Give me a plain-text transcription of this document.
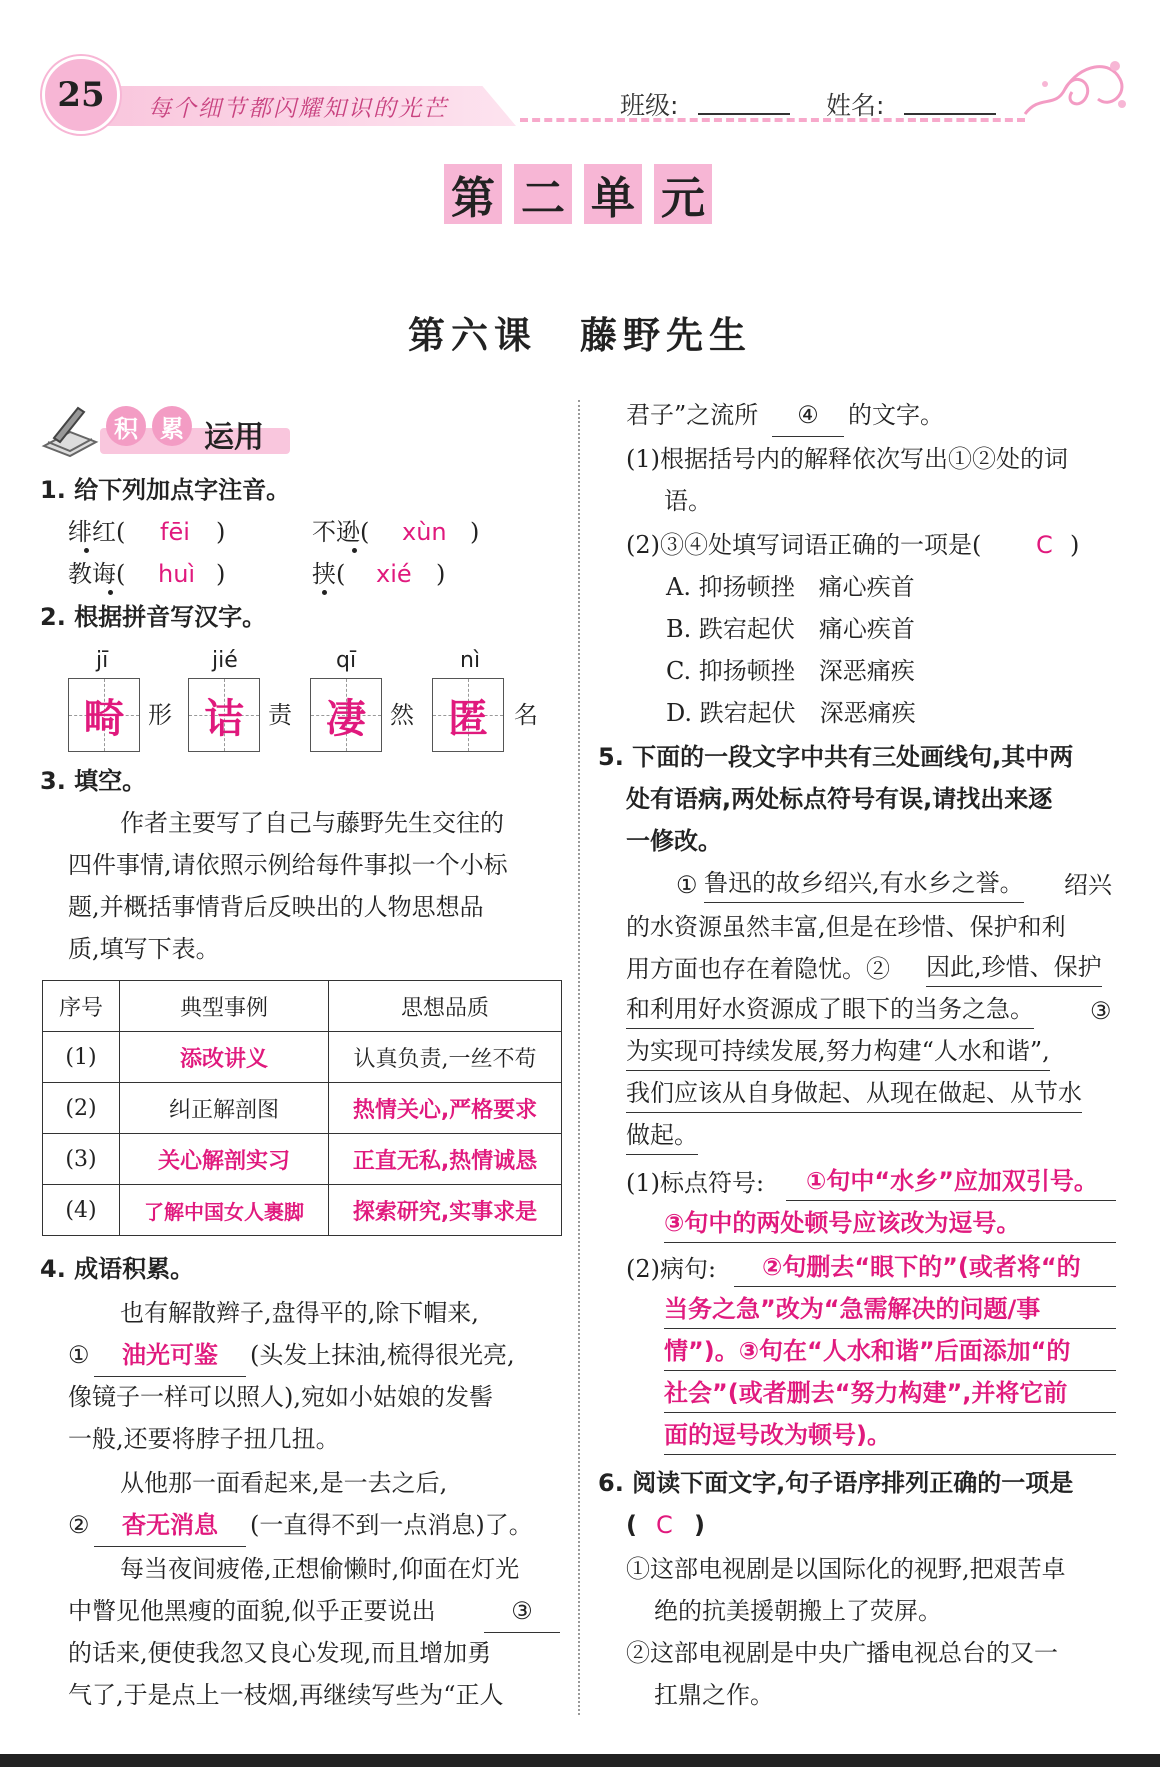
每个细节都闪耀知识的光芒
25	班级:	姓名:
第 二 单 元
第六课　藤野先生
积 累 运用
1. 给下列加点字注音。
绯红( fēi )	不逊( xùn )
教诲( huì )	挟( xié )
2. 根据拼音写汉字。
jī
畸	形
jié
诘	责
qī
凄	然
nì
匿	名
3. 填空。
作者主要写了自己与藤野先生交往的
四件事情,请依照示例给每件事拟一个小标
题,并概括事情背后反映出的人物思想品
质,填写下表。
序号	典型事例	思想品质
(1)	添改讲义	认真负责,一丝不苟
(2)	纠正解剖图	热情关心,严格要求
(3)	关心解剖实习	正直无私,热情诚恳
(4)	了解中国女人裹脚	探索研究,实事求是
4. 成语积累。
也有解散辫子,盘得平的,除下帽来,
①	油光可鉴	(头发上抹油,梳得很光亮,
像镜子一样可以照人),宛如小姑娘的发髻
一般,还要将脖子扭几扭。
从他那一面看起来,是一去之后,
②	杳无消息	(一直得不到一点消息)了。
每当夜间疲倦,正想偷懒时,仰面在灯光
中瞥见他黑瘦的面貌,似乎正要说出	③
的话来,便使我忽又良心发现,而且增加勇
气了,于是点上一枝烟,再继续写些为“正人
君子”之流所	④	的文字。
(1)根据括号内的解释依次写出①②处的词
语。
(2)③④处填写词语正确的一项是( C )
A. 抑扬顿挫　痛心疾首
B. 跌宕起伏　痛心疾首
C. 抑扬顿挫　深恶痛疾
D. 跌宕起伏　深恶痛疾
5. 下面的一段文字中共有三处画线句,其中两
处有语病,两处标点符号有误,请找出来逐
一修改。
① 鲁迅的故乡绍兴,有水乡之誉。 绍兴
的水资源虽然丰富,但是在珍惜、保护和利
用方面也存在着隐忧。② 因此,珍惜、保护
和利用好水资源成了眼下的当务之急。 ③
为实现可持续发展,努力构建“人水和谐”,
我们应该从自身做起、从现在做起、从节水
做起。
(1)标点符号:	①句中“水乡”应加双引号。
③句中的两处顿号应该改为逗号。
(2)病句:	②句删去“眼下的”(或者将“的
当务之急”改为“急需解决的问题/事
情”)。③句在“人水和谐”后面添加“的
社会”(或者删去“努力构建”,并将它前
面的逗号改为顿号)。
6. 阅读下面文字,句子语序排列正确的一项是
( C )
①这部电视剧是以国际化的视野,把艰苦卓
绝的抗美援朝搬上了荧屏。
②这部电视剧是中央广播电视总台的又一
扛鼎之作。
